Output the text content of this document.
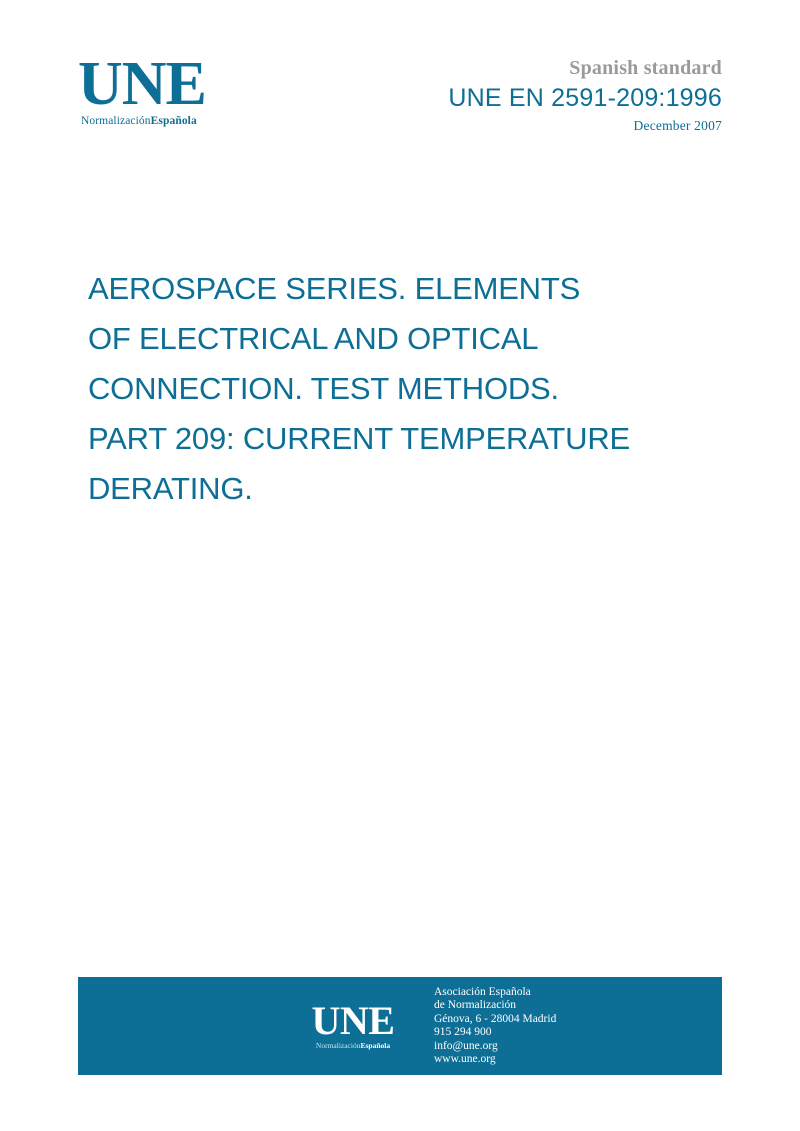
UNE
NormalizaciónEspañola
Spanish standard
UNE EN 2591-209:1996
December 2007
AEROSPACE SERIES. ELEMENTS
OF ELECTRICAL AND OPTICAL
CONNECTION. TEST METHODS.
PART 209: CURRENT TEMPERATURE
DERATING.
UNE
NormalizaciónEspañola
Asociación Española
de Normalización
Génova, 6 - 28004 Madrid
915 294 900
info@une.org
www.une.org
